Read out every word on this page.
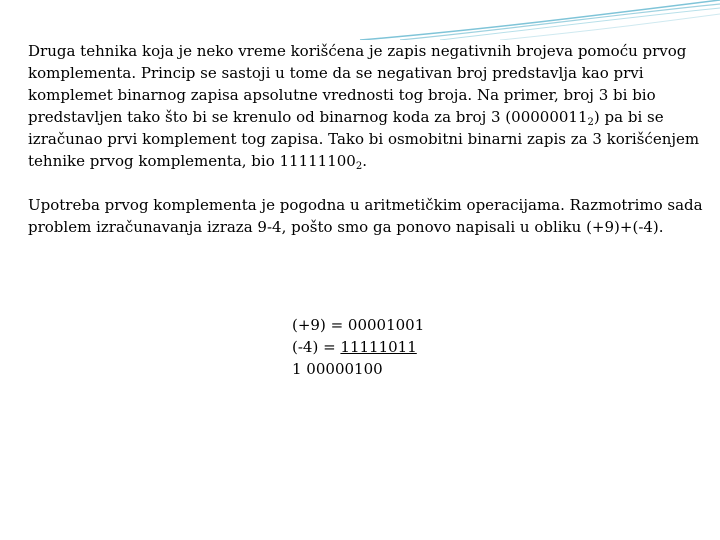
Druga tehnika koja je neko vreme korišćena je zapis negativnih brojeva pomoću prvog komplementa. Princip se sastoji u tome da se negativan broj predstavlja kao prvi komplemet binarnog zapisa apsolutne vrednosti tog broja. Na primer, broj 3 bi bio predstavljen tako što bi se krenulo od binarnog koda za broj 3 $(00000011_2)$ pa bi se izračunao prvi komplement tog zapisa. Tako bi osmobitni binarni zapis za 3 korišćenjem tehnike prvog komplementa, bio $11111100_2$.

Upotreba prvog komplementa je pogodna u aritmetičkim operacijama. Razmotrimo sada problem izračunavanja izraza 9-4, pošto smo ga ponovo napisali u obliku (+9)+(-4).

(+9) = 00001001
(-4) = 11111011
1 00000100
